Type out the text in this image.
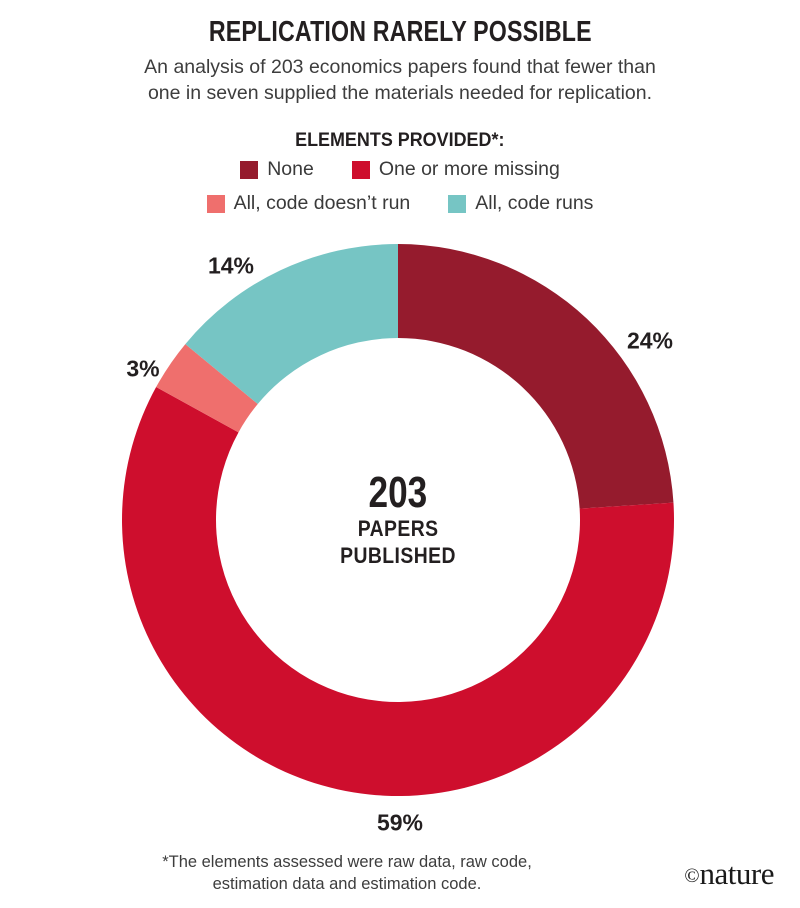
REPLICATION RARELY POSSIBLE
An analysis of 203 economics papers found that fewer than
one in seven supplied the materials needed for replication.
ELEMENTS PROVIDED*:
None	One or more missing
All, code doesn’t run	All, code runs
24%
59%
3%
14%
203
PAPERS
PUBLISHED
*The elements assessed were raw data, raw code,
estimation data and estimation code.	©nature
